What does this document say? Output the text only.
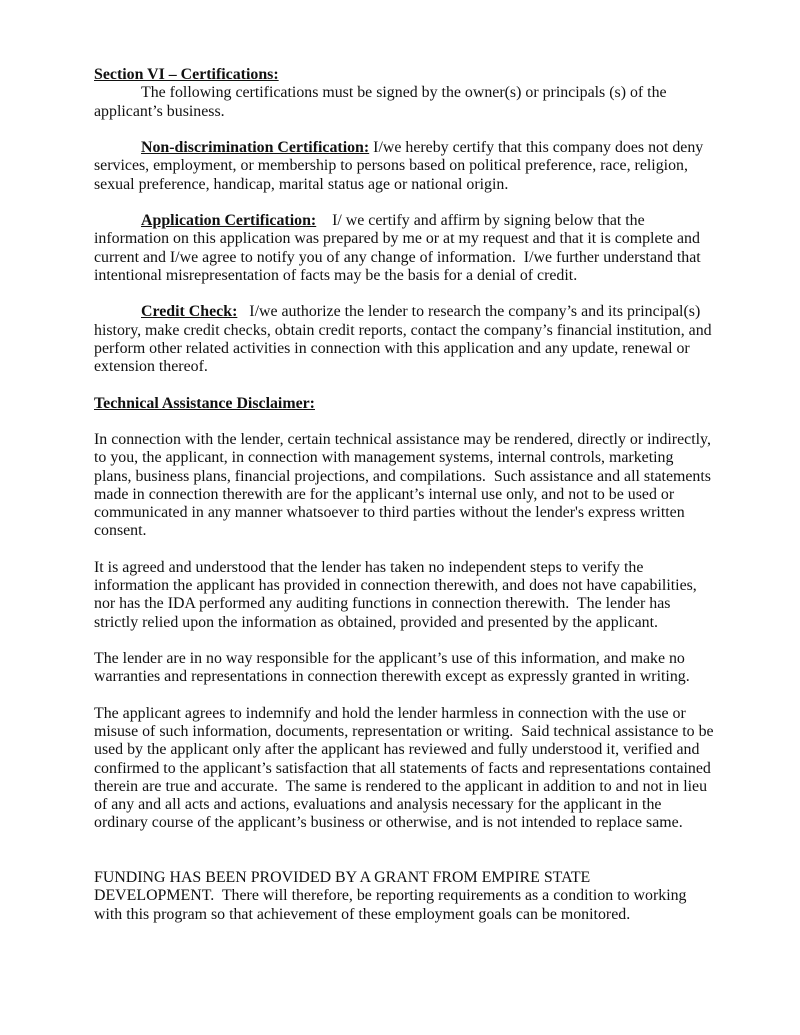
Section VI – Certifications:
The following certifications must be signed by the owner(s) or principals (s) of the
applicant’s business.
Non-discrimination Certification: I/we hereby certify that this company does not deny
services, employment, or membership to persons based on political preference, race, religion,
sexual preference, handicap, marital status age or national origin.
Application Certification:    I/ we certify and affirm by signing below that the
information on this application was prepared by me or at my request and that it is complete and
current and I/we agree to notify you of any change of information.  I/we further understand that
intentional misrepresentation of facts may be the basis for a denial of credit.
Credit Check:   I/we authorize the lender to research the company’s and its principal(s)
history, make credit checks, obtain credit reports, contact the company’s financial institution, and
perform other related activities in connection with this application and any update, renewal or
extension thereof.
Technical Assistance Disclaimer:
In connection with the lender, certain technical assistance may be rendered, directly or indirectly,
to you, the applicant, in connection with management systems, internal controls, marketing
plans, business plans, financial projections, and compilations.  Such assistance and all statements
made in connection therewith are for the applicant’s internal use only, and not to be used or
communicated in any manner whatsoever to third parties without the lender's express written
consent.
It is agreed and understood that the lender has taken no independent steps to verify the
information the applicant has provided in connection therewith, and does not have capabilities,
nor has the IDA performed any auditing functions in connection therewith.  The lender has
strictly relied upon the information as obtained, provided and presented by the applicant.
The lender are in no way responsible for the applicant’s use of this information, and make no
warranties and representations in connection therewith except as expressly granted in writing.
The applicant agrees to indemnify and hold the lender harmless in connection with the use or
misuse of such information, documents, representation or writing.  Said technical assistance to be
used by the applicant only after the applicant has reviewed and fully understood it, verified and
confirmed to the applicant’s satisfaction that all statements of facts and representations contained
therein are true and accurate.  The same is rendered to the applicant in addition to and not in lieu
of any and all acts and actions, evaluations and analysis necessary for the applicant in the
ordinary course of the applicant’s business or otherwise, and is not intended to replace same.
FUNDING HAS BEEN PROVIDED BY A GRANT FROM EMPIRE STATE
DEVELOPMENT.  There will therefore, be reporting requirements as a condition to working
with this program so that achievement of these employment goals can be monitored.
